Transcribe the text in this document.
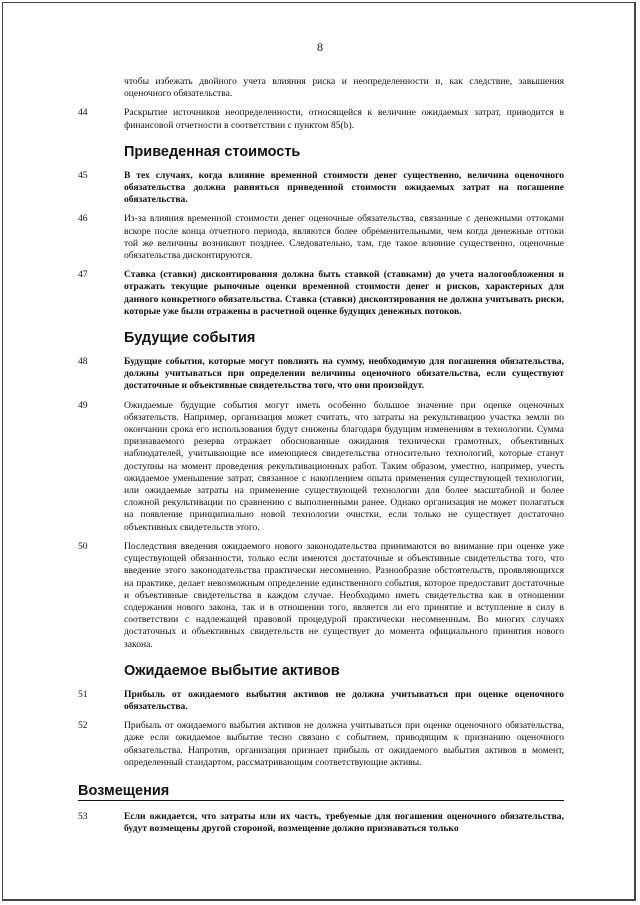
8
чтобы избежать двойного учета влияния риска и неопределенности и, как следствие, завышения оценочного обязательства.
44	Раскрытие источников неопределенности, относящейся к величине ожидаемых затрат, приводится в финансовой отчетности в соответствии с пунктом 85(b).
Приведенная стоимость
45	В тех случаях, когда влияние временной стоимости денег существенно, величина оценочного обязательства должна равняться приведенной стоимости ожидаемых затрат на погашение обязательства.
46	Из-за влияния временной стоимости денег оценочные обязательства, связанные с денежными оттоками вскоре после конца отчетного периода, являются более обременительными, чем когда денежные оттоки той же величины возникают позднее. Следовательно, там, где такое влияние существенно, оценочные обязательства дисконтируются.
47	Ставка (ставки) дисконтирования должна быть ставкой (ставками) до учета налогообложения и отражать текущие рыночные оценки временной стоимости денег и рисков, характерных для данного конкретного обязательства. Ставка (ставки) дисконтирования не должна учитывать риски, которые уже были отражены в расчетной оценке будущих денежных потоков.
Будущие события
48	Будущие события, которые могут повлиять на сумму, необходимую для погашения обязательства, должны учитываться при определении величины оценочного обязательства, если существуют достаточные и объективные свидетельства того, что они произойдут.
49	Ожидаемые будущие события могут иметь особенно большое значение при оценке оценочных обязательств. Например, организация может считать, что затраты на рекультивацию участка земли по окончании срока его использования будут снижены благодаря будущим изменениям в технологии. Сумма признаваемого резерва отражает обоснованные ожидания технически грамотных, объективных наблюдателей, учитывающие все имеющиеся свидетельства относительно технологий, которые станут доступны на момент проведения рекультивационных работ. Таким образом, уместно, например, учесть ожидаемое уменьшение затрат, связанное с накоплением опыта применения существующей технологии, или ожидаемые затраты на применение существующей технологии для более масштабной и более сложной рекультивации по сравнению с выполненными ранее. Однако организация не может полагаться на появление принципиально новой технологии очистки, если только не существует достаточно объективных свидетельств этого.
50	Последствия введения ожидаемого нового законодательства принимаются во внимание при оценке уже существующей обязанности, только если имеются достаточные и объективные свидетельства того, что введение этого законодательства практически несомненно. Разнообразие обстоятельств, проявляющихся на практике, делает невозможным определение единственного события, которое предоставит достаточные и объективные свидетельства в каждом случае. Необходимо иметь свидетельства как в отношении содержания нового закона, так и в отношении того, является ли его принятие и вступление в силу в соответствии с надлежащей правовой процедурой практически несомненным. Во многих случаях достаточных и объективных свидетельств не существует до момента официального принятия нового закона.
Ожидаемое выбытие активов
51	Прибыль от ожидаемого выбытия активов не должна учитываться при оценке оценочного обязательства.
52	Прибыль от ожидаемого выбытия активов не должна учитываться при оценке оценочного обязательства, даже если ожидаемое выбытие тесно связано с событием, приводящим к признанию оценочного обязательства. Напротив, организация признает прибыль от ожидаемого выбытия активов в момент, определенный стандартом, рассматривающим соответствующие активы.
Возмещения
53	Если ожидается, что затраты или их часть, требуемые для погашения оценочного обязательства, будут возмещены другой стороной, возмещение должно признаваться только
